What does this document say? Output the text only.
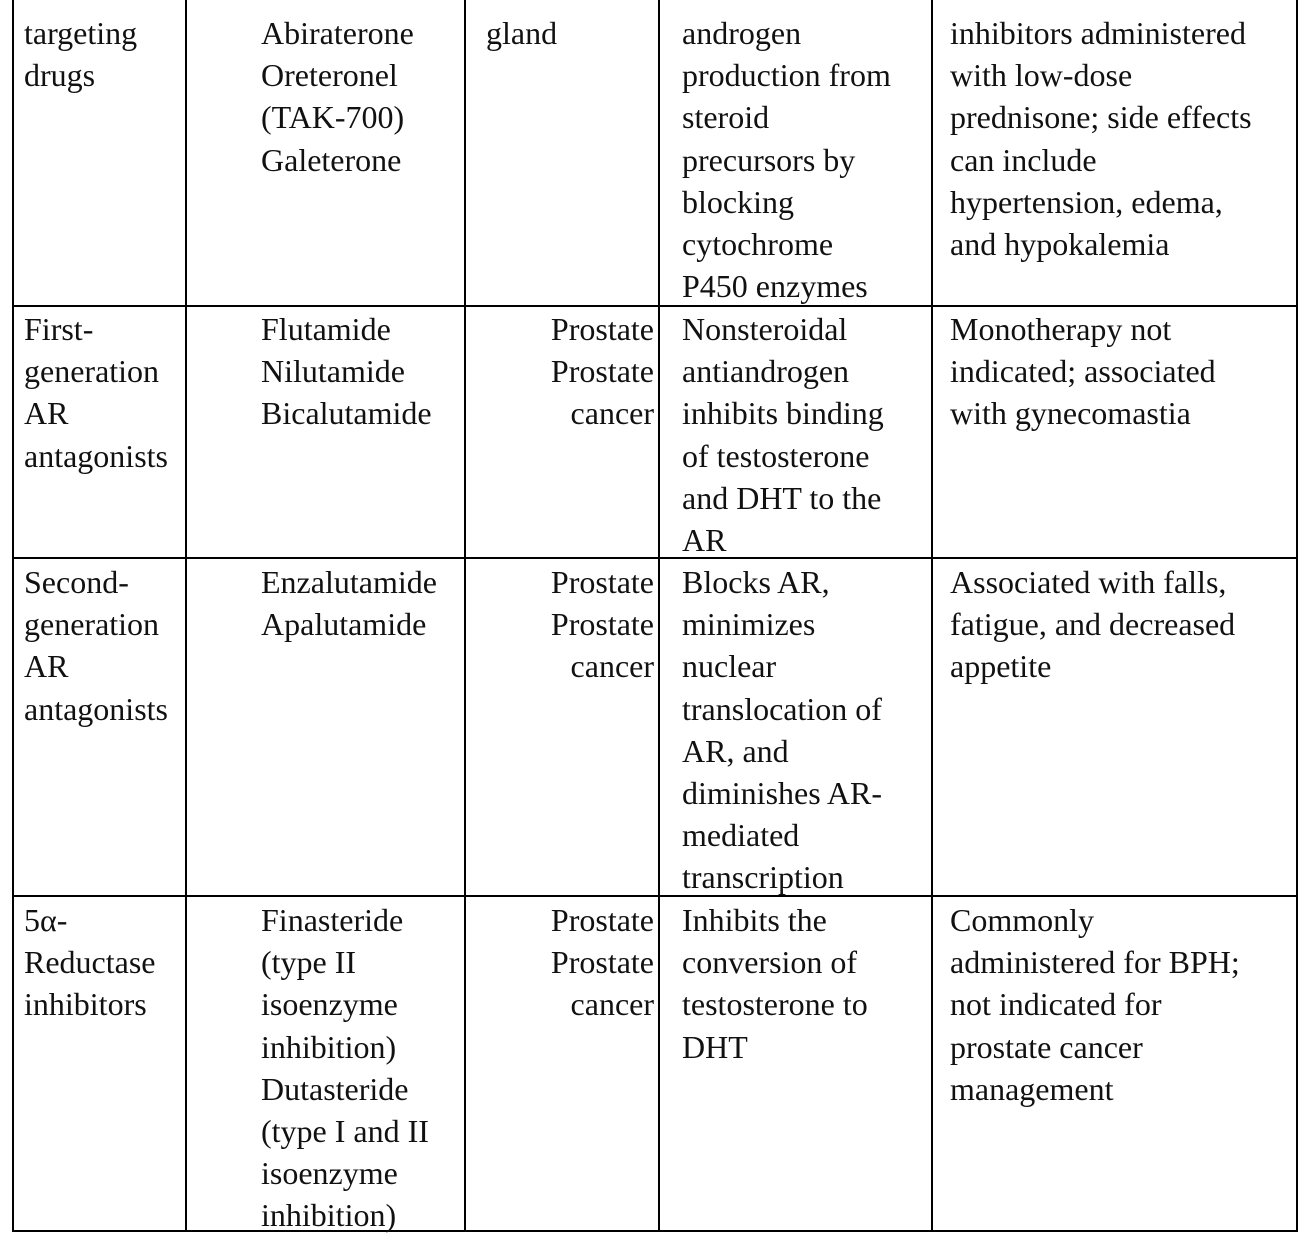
targeting
drugs
Abiraterone
Oreteronel
(TAK-700)
Galeterone
gland	androgen
production from
steroid
precursors by
blocking
cytochrome
P450 enzymes
inhibitors administered
with low-dose
prednisone; side effects
can include
hypertension, edema,
and hypokalemia
First-
generation
AR
antagonists
Flutamide
Nilutamide
Bicalutamide
Prostate
Prostate
cancer
Nonsteroidal
antiandrogen
inhibits binding
of testosterone
and DHT to the
AR
Monotherapy not
indicated; associated
with gynecomastia
Second-
generation
AR
antagonists
Enzalutamide
Apalutamide
Prostate
Prostate
cancer
Blocks AR,
minimizes
nuclear
translocation of
AR, and
diminishes AR-
mediated
transcription
Associated with falls,
fatigue, and decreased
appetite
5α-
Reductase
inhibitors
Finasteride
(type II
isoenzyme
inhibition)
Dutasteride
(type I and II
isoenzyme
inhibition)
Prostate
Prostate
cancer
Inhibits the
conversion of
testosterone to
DHT
Commonly
administered for BPH;
not indicated for
prostate cancer
management
